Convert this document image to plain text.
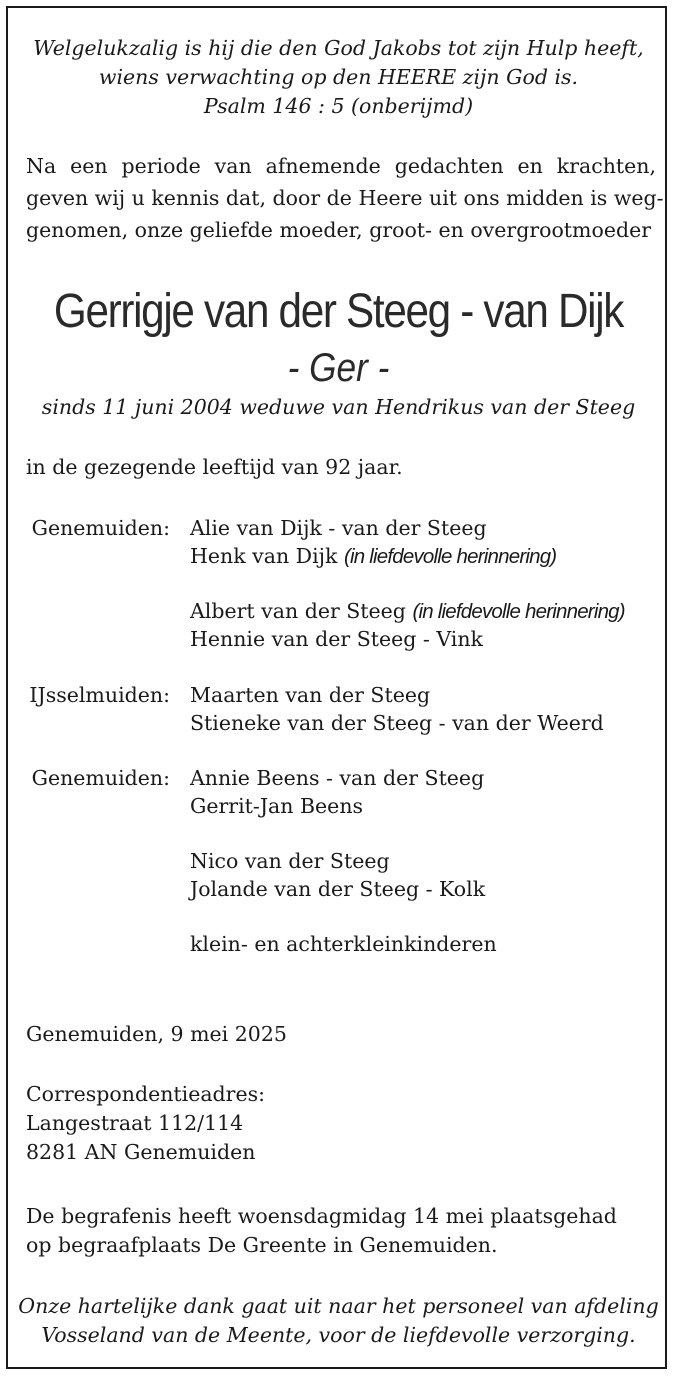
Welgelukzalig is hij die den God Jakobs tot zijn Hulp heeft,
wiens verwachting op den HEERE zijn God is.
Psalm 146 : 5 (onberijmd)
Na een periode van afnemende gedachten en krachten,
geven wij u kennis dat, door de Heere uit ons midden is weg-
genomen, onze geliefde moeder, groot- en overgrootmoeder
Gerrigje van der Steeg - van Dijk
- Ger -
sinds 11 juni 2004 weduwe van Hendrikus van der Steeg
in de gezegende leeftijd van 92 jaar.
Genemuiden: Alie van Dijk - van der Steeg
Henk van Dijk (in liefdevolle herinnering)
Albert van der Steeg (in liefdevolle herinnering)
Hennie van der Steeg - Vink
IJsselmuiden: Maarten van der Steeg
Stieneke van der Steeg - van der Weerd
Genemuiden: Annie Beens - van der Steeg
Gerrit-Jan Beens
Nico van der Steeg
Jolande van der Steeg - Kolk
klein- en achterkleinkinderen
Genemuiden, 9 mei 2025
Correspondentieadres:
Langestraat 112/114
8281 AN Genemuiden
De begrafenis heeft woensdagmidag 14 mei plaatsgehad
op begraafplaats De Greente in Genemuiden.
Onze hartelijke dank gaat uit naar het personeel van afdeling
Vosseland van de Meente, voor de liefdevolle verzorging.
